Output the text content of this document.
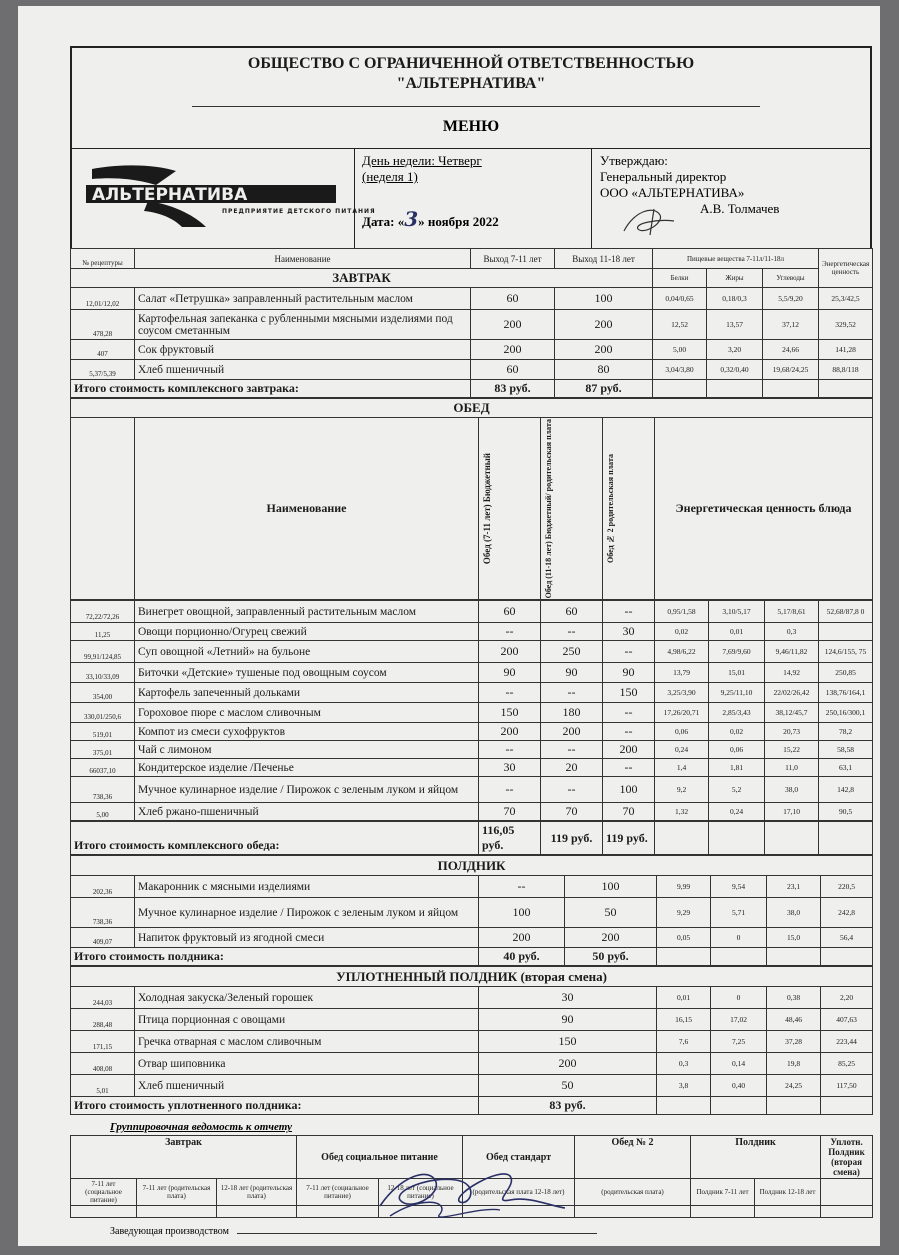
ОБЩЕСТВО С ОГРАНИЧЕННОЙ ОТВЕТСТВЕННОСТЬЮ
"АЛЬТЕРНАТИВА"
МЕНЮ
АЛЬТЕРНАТИВА
ПРЕДПРИЯТИЕ ДЕТСКОГО ПИТАНИЯ
День недели: Четверг
(неделя 1)
Дата: «3» ноября 2022
Утверждаю:
Генеральный директор
ООО «АЛЬТЕРНАТИВА»
А.В. Толмачев
№ рецептуры	Наименование	Выход 7-11 лет	Выход 11-18 лет	Пищевые вещества 7-11л/11-18л			Энергетическая ценность
ЗАВТРАК				Белки	Жиры	Углеводы	
12,01/12,02	Салат «Петрушка» заправленный растительным маслом	60	100	0,04/0,65	0,18/0,3	5,5/9,20	25,3/42,5
478,28	Картофельная запеканка с рубленными мясными изделиями под соусом сметанным	200	200	12,52	13,57	37,12	329,52
407	Сок фруктовый	200	200	5,00	3,20	24,66	141,28
5,37/5,39	Хлеб пшеничный	60	80	3,04/3,80	0,32/0,40	19,68/24,25	88,8/118
Итого стоимость комплексного завтрака:		83 руб.	87 руб.				
ОБЕД
	Наименование	Обед (7-11 лет) Бюджетный	Обед (11-18 лет) Бюджетный/ родительская плата	Обед № 2 родительская плата	Энергетическая ценность блюда
72,22/72,26	Винегрет овощной, заправленный растительным маслом	60	60	--	0,95/1,58	3,10/5,17	5,17/8,61	52,68/87,8 0
11,25	Овощи порционно/Огурец свежий	--	--	30	0,02	0,01	0,3	
99,91/124,85	Суп овощной «Летний» на бульоне	200	250	--	4,98/6,22	7,69/9,60	9,46/11,82	124,6/155, 75
33,10/33,09	Биточки «Детские» тушеные под овощным соусом	90	90	90	13,79	15,01	14,92	250,85
354,00	Картофель запеченный дольками	--	--	150	3,25/3,90	9,25/11,10	22/02/26,42	138,76/164,1
330,01/250,6	Гороховое пюре с маслом сливочным	150	180	--	17,26/20,71	2,85/3,43	38,12/45,7	250,16/300,1
519,01	Компот из смеси сухофруктов	200	200	--	0,06	0,02	20,73	78,2
375,01	Чай с лимоном	--	--	200	0,24	0,06	15,22	58,58
66037,10	Кондитерское изделие /Печенье	30	20	--	1,4	1,81	11,0	63,1
738,36	Мучное кулинарное изделие / Пирожок с зеленым луком и яйцом	--	--	100	9,2	5,2	38,0	142,8
5,00	Хлеб ржано-пшеничный	70	70	70	1,32	0,24	17,10	90,5
Итого стоимость комплексного обеда:	116,05 руб.	119 руб.	119 руб.				
ПОЛДНИК							
202,36	Макаронник с мясными изделиями	--	100	9,99	9,54	23,1	220,5
738,36	Мучное кулинарное изделие / Пирожок с зеленым луком и яйцом	100	50	9,29	5,71	38,0	242,8
409,07	Напиток фруктовый из ягодной смеси	200	200	0,05	0	15,0	56,4
Итого стоимость полдника:		40 руб.	50 руб.				
УПЛОТНЕННЫЙ ПОЛДНИК (вторая смена)						
244,03	Холодная закуска/Зеленый горошек	30	0,01	0	0,38	2,20
288,48	Птица порционная с овощами	90	16,15	17,02	48,46	407,63
171,15	Гречка отварная с маслом сливочным	150	7,6	7,25	37,28	223,44
408,08	Отвар шиповника	200	0,3	0,14	19,8	85,25
5,01	Хлеб пшеничный	50	3,8	0,40	24,25	117,50
Итого стоимость уплотненного полдника:		83 руб.				
Группировочная ведомость к отчету
Завтрак			Обед социальное питание		Обед стандарт	Обед № 2	Полдник		Уплотн. Полдник (вторая смена)
7-11 лет (социальное питание)	7-11 лет (родительская плата)	12-18 лет (родительская плата)	7-11 лет (социальное питание)	12-18 лет (социальное питание)	(родительская плата 12-18 лет)	(родительская плата)	Полдник 7-11 лет	Полдник 12-18 лет	

Заведующая производством
